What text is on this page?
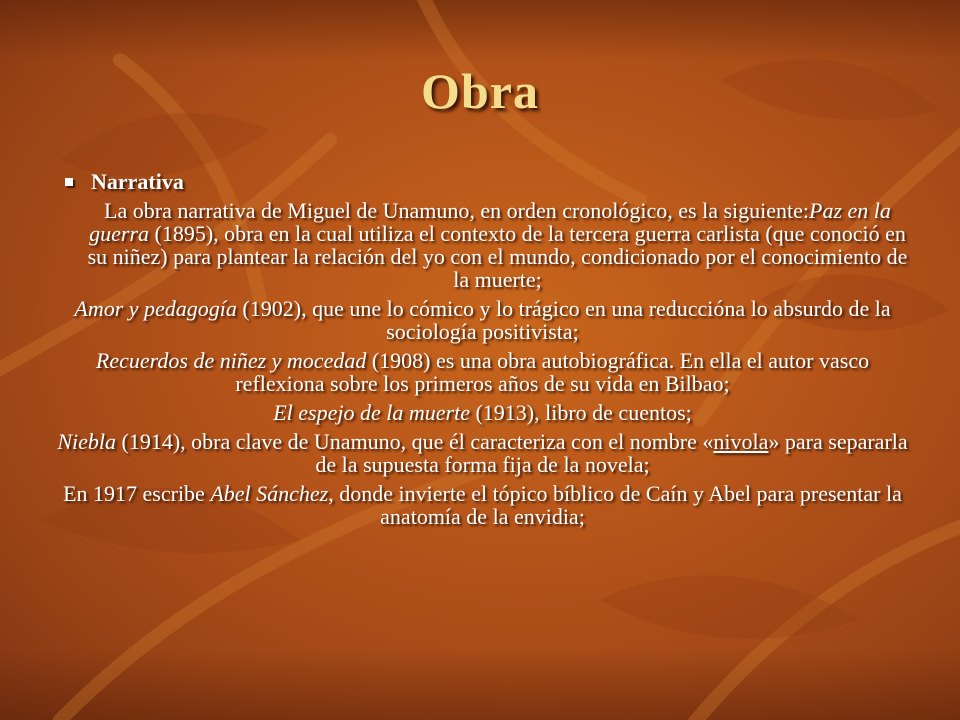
Obra
Narrativa

La obra narrativa de Miguel de Unamuno, en orden cronológico, es la siguiente:Paz en la guerra (1895), obra en la cual utiliza el contexto de la tercera guerra carlista (que conoció en su niñez) para plantear la relación del yo con el mundo, condicionado por el conocimiento de la muerte;

Amor y pedagogía (1902), que une lo cómico y lo trágico en una reducciónа lo absurdo de la sociología positivista;

Recuerdos de niñez y mocedad (1908) es una obra autobiográfica. En ella el autor vasco reflexiona sobre los primeros años de su vida en Bilbao;

El espejo de la muerte (1913), libro de cuentos;

Niebla (1914), obra clave de Unamuno, que él caracteriza con el nombre «nivola» para separarla de la supuesta forma fija de la novela;

En 1917 escribe Abel Sánchez, donde invierte el tópico bíblico de Caín y Abel para presentar la anatomía de la envidia;
